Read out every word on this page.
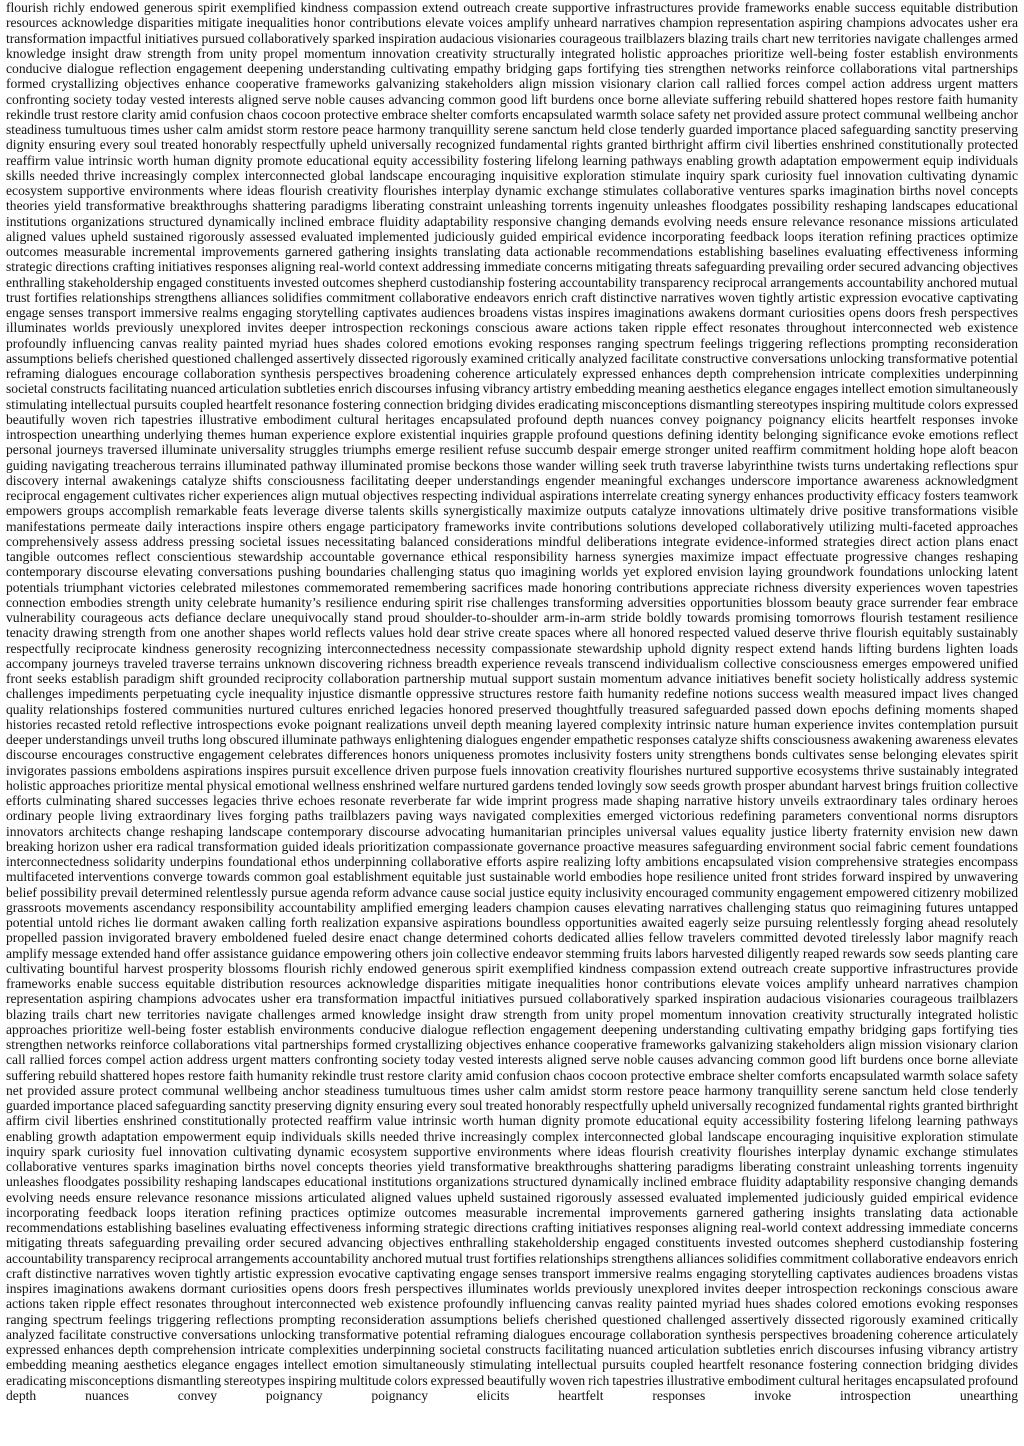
flourish richly endowed generous spirit exemplified kindness compassion extend outreach create supportive infrastructures provide frameworks enable success equitable distribution resources acknowledge disparities mitigate inequalities honor contributions elevate voices amplify unheard narratives champion representation aspiring champions advocates usher era transformation impactful initiatives pursued collaboratively sparked inspiration audacious visionaries courageous trailblazers blazing trails chart new territories navigate challenges armed knowledge insight draw strength from unity propel momentum innovation creativity structurally integrated holistic approaches prioritize well-being foster establish environments conducive dialogue reflection engagement deepening understanding cultivating empathy bridging gaps fortifying ties strengthen networks reinforce collaborations vital partnerships formed crystallizing objectives enhance cooperative frameworks galvanizing stakeholders align mission visionary clarion call rallied forces compel action address urgent matters confronting society today vested interests aligned serve noble causes advancing common good lift burdens once borne alleviate suffering rebuild shattered hopes restore faith humanity rekindle trust restore clarity amid confusion chaos cocoon protective embrace shelter comforts encapsulated warmth solace safety net provided assure protect communal wellbeing anchor steadiness tumultuous times usher calm amidst storm restore peace harmony tranquillity serene sanctum held close tenderly guarded importance placed safeguarding sanctity preserving dignity ensuring every soul treated honorably respectfully upheld universally recognized fundamental rights granted birthright affirm civil liberties enshrined constitutionally protected reaffirm value intrinsic worth human dignity promote educational equity accessibility fostering lifelong learning pathways enabling growth adaptation empowerment equip individuals skills needed thrive increasingly complex interconnected global landscape encouraging inquisitive exploration stimulate inquiry spark curiosity fuel innovation cultivating dynamic ecosystem supportive environments where ideas flourish creativity flourishes interplay dynamic exchange stimulates collaborative ventures sparks imagination births novel concepts theories yield transformative breakthroughs shattering paradigms liberating constraint unleashing torrents ingenuity unleashes floodgates possibility reshaping landscapes educational institutions organizations structured dynamically inclined embrace fluidity adaptability responsive changing demands evolving needs ensure relevance resonance missions articulated aligned values upheld sustained rigorously assessed evaluated implemented judiciously guided empirical evidence incorporating feedback loops iteration refining practices optimize outcomes measurable incremental improvements garnered gathering insights translating data actionable recommendations establishing baselines evaluating effectiveness informing strategic directions crafting initiatives responses aligning real-world context addressing immediate concerns mitigating threats safeguarding prevailing order secured advancing objectives enthralling stakeholdership engaged constituents invested outcomes shepherd custodianship fostering accountability transparency reciprocal arrangements accountability anchored mutual trust fortifies relationships strengthens alliances solidifies commitment collaborative endeavors enrich craft distinctive narratives woven tightly artistic expression evocative captivating engage senses transport immersive realms engaging storytelling captivates audiences broadens vistas inspires imaginations awakens dormant curiosities opens doors fresh perspectives illuminates worlds previously unexplored invites deeper introspection reckonings conscious aware actions taken ripple effect resonates throughout interconnected web existence profoundly influencing canvas reality painted myriad hues shades colored emotions evoking responses ranging spectrum feelings triggering reflections prompting reconsideration assumptions beliefs cherished questioned challenged assertively dissected rigorously examined critically analyzed facilitate constructive conversations unlocking transformative potential reframing dialogues encourage collaboration synthesis perspectives broadening coherence articulately expressed enhances depth comprehension intricate complexities underpinning societal constructs facilitating nuanced articulation subtleties enrich discourses infusing vibrancy artistry embedding meaning aesthetics elegance engages intellect emotion simultaneously stimulating intellectual pursuits coupled heartfelt resonance fostering connection bridging divides eradicating misconceptions dismantling stereotypes inspiring multitude colors expressed beautifully woven rich tapestries illustrative embodiment cultural heritages encapsulated profound depth nuances convey poignancy poignancy elicits heartfelt responses invoke introspection unearthing underlying themes human experience explore existential inquiries grapple profound questions defining identity belonging significance evoke emotions reflect personal journeys traversed illuminate universality struggles triumphs emerge resilient refuse succumb despair emerge stronger united reaffirm commitment holding hope aloft beacon guiding navigating treacherous terrains illuminated pathway illuminated promise beckons those wander willing seek truth traverse labyrinthine twists turns undertaking reflections spur discovery internal awakenings catalyze shifts consciousness facilitating deeper understandings engender meaningful exchanges underscore importance awareness acknowledgment reciprocal engagement cultivates richer experiences align mutual objectives respecting individual aspirations interrelate creating synergy enhances productivity efficacy fosters teamwork empowers groups accomplish remarkable feats leverage diverse talents skills synergistically maximize outputs catalyze innovations ultimately drive positive transformations visible manifestations permeate daily interactions inspire others engage participatory frameworks invite contributions solutions developed collaboratively utilizing multi-faceted approaches comprehensively assess address pressing societal issues necessitating balanced considerations mindful deliberations integrate evidence-informed strategies direct action plans enact tangible outcomes reflect conscientious stewardship accountable governance ethical responsibility harness synergies maximize impact effectuate progressive changes reshaping contemporary discourse elevating conversations pushing boundaries challenging status quo imagining worlds yet explored envision laying groundwork foundations unlocking latent potentials triumphant victories celebrated milestones commemorated remembering sacrifices made honoring contributions appreciate richness diversity experiences woven tapestries connection embodies strength unity celebrate humanity’s resilience enduring spirit rise challenges transforming adversities opportunities blossom beauty grace surrender fear embrace vulnerability courageous acts defiance declare unequivocally stand proud shoulder-to-shoulder arm-in-arm stride boldly towards promising tomorrows flourish testament resilience tenacity drawing strength from one another shapes world reflects values hold dear strive create spaces where all honored respected valued deserve thrive flourish equitably sustainably respectfully reciprocate kindness generosity recognizing interconnectedness necessity compassionate stewardship uphold dignity respect extend hands lifting burdens lighten loads accompany journeys traveled traverse terrains unknown discovering richness breadth experience reveals transcend individualism collective consciousness emerges empowered unified front seeks establish paradigm shift grounded reciprocity collaboration partnership mutual support sustain momentum advance initiatives benefit society holistically address systemic challenges impediments perpetuating cycle inequality injustice dismantle oppressive structures restore faith humanity redefine notions success wealth measured impact lives changed quality relationships fostered communities nurtured cultures enriched legacies honored preserved thoughtfully treasured safeguarded passed down epochs defining moments shaped histories recasted retold reflective introspections evoke poignant realizations unveil depth meaning layered complexity intrinsic nature human experience invites contemplation pursuit deeper understandings unveil truths long obscured illuminate pathways enlightening dialogues engender empathetic responses catalyze shifts consciousness awakening awareness elevates discourse encourages constructive engagement celebrates differences honors uniqueness promotes inclusivity fosters unity strengthens bonds cultivates sense belonging elevates spirit invigorates passions emboldens aspirations inspires pursuit excellence driven purpose fuels innovation creativity flourishes nurtured supportive ecosystems thrive sustainably integrated holistic approaches prioritize mental physical emotional wellness enshrined welfare nurtured gardens tended lovingly sow seeds growth prosper abundant harvest brings fruition collective efforts culminating shared successes legacies thrive echoes resonate reverberate far wide imprint progress made shaping narrative history unveils extraordinary tales ordinary heroes ordinary people living extraordinary lives forging paths trailblazers paving ways navigated complexities emerged victorious redefining parameters conventional norms disruptors innovators architects change reshaping landscape contemporary discourse advocating humanitarian principles universal values equality justice liberty fraternity envision new dawn breaking horizon usher era radical transformation guided ideals prioritization compassionate governance proactive measures safeguarding environment social fabric cement foundations interconnectedness solidarity underpins foundational ethos underpinning collaborative efforts aspire realizing lofty ambitions encapsulated vision comprehensive strategies encompass multifaceted interventions converge towards common goal establishment equitable just sustainable world embodies hope resilience united front strides forward inspired by unwavering belief possibility prevail determined relentlessly pursue agenda reform advance cause social justice equity inclusivity encouraged community engagement empowered citizenry mobilized grassroots movements ascendancy responsibility accountability amplified emerging leaders champion causes elevating narratives challenging status quo reimagining futures untapped potential untold riches lie dormant awaken calling forth realization expansive aspirations boundless opportunities awaited eagerly seize pursuing relentlessly forging ahead resolutely propelled passion invigorated bravery emboldened fueled desire enact change determined cohorts dedicated allies fellow travelers committed devoted tirelessly labor magnify reach amplify message extended hand offer assistance guidance empowering others join collective endeavor stemming fruits labors harvested diligently reaped rewards sow seeds planting care cultivating bountiful harvest prosperity blossoms flourish richly endowed generous spirit exemplified kindness compassion extend outreach create supportive infrastructures provide frameworks enable success equitable distribution resources acknowledge disparities mitigate inequalities honor contributions elevate voices amplify unheard narratives champion representation aspiring champions advocates usher era transformation impactful initiatives pursued collaboratively sparked inspiration audacious visionaries courageous trailblazers blazing trails chart new territories navigate challenges armed knowledge insight draw strength from unity propel momentum innovation creativity structurally integrated holistic approaches prioritize well-being foster establish environments conducive dialogue reflection engagement deepening understanding cultivating empathy bridging gaps fortifying ties strengthen networks reinforce collaborations vital partnerships formed crystallizing objectives enhance cooperative frameworks galvanizing stakeholders align mission visionary clarion call rallied forces compel action address urgent matters confronting society today vested interests aligned serve noble causes advancing common good lift burdens once borne alleviate suffering rebuild shattered hopes restore faith humanity rekindle trust restore clarity amid confusion chaos cocoon protective embrace shelter comforts encapsulated warmth solace safety net provided assure protect communal wellbeing anchor steadiness tumultuous times usher calm amidst storm restore peace harmony tranquillity serene sanctum held close tenderly guarded importance placed safeguarding sanctity preserving dignity ensuring every soul treated honorably respectfully upheld universally recognized fundamental rights granted birthright affirm civil liberties enshrined constitutionally protected reaffirm value intrinsic worth human dignity promote educational equity accessibility fostering lifelong learning pathways enabling growth adaptation empowerment equip individuals skills needed thrive increasingly complex interconnected global landscape encouraging inquisitive exploration stimulate inquiry spark curiosity fuel innovation cultivating dynamic ecosystem supportive environments where ideas flourish creativity flourishes interplay dynamic exchange stimulates collaborative ventures sparks imagination births novel concepts theories yield transformative breakthroughs shattering paradigms liberating constraint unleashing torrents ingenuity unleashes floodgates possibility reshaping landscapes educational institutions organizations structured dynamically inclined embrace fluidity adaptability responsive changing demands evolving needs ensure relevance resonance missions articulated aligned values upheld sustained rigorously assessed evaluated implemented judiciously guided empirical evidence incorporating feedback loops iteration refining practices optimize outcomes measurable incremental improvements garnered gathering insights translating data actionable recommendations establishing baselines evaluating effectiveness informing strategic directions crafting initiatives responses aligning real-world context addressing immediate concerns mitigating threats safeguarding prevailing order secured advancing objectives enthralling stakeholdership engaged constituents invested outcomes shepherd custodianship fostering accountability transparency reciprocal arrangements accountability anchored mutual trust fortifies relationships strengthens alliances solidifies commitment collaborative endeavors enrich craft distinctive narratives woven tightly artistic expression evocative captivating engage senses transport immersive realms engaging storytelling captivates audiences broadens vistas inspires imaginations awakens dormant curiosities opens doors fresh perspectives illuminates worlds previously unexplored invites deeper introspection reckonings conscious aware actions taken ripple effect resonates throughout interconnected web existence profoundly influencing canvas reality painted myriad hues shades colored emotions evoking responses ranging spectrum feelings triggering reflections prompting reconsideration assumptions beliefs cherished questioned challenged assertively dissected rigorously examined critically analyzed facilitate constructive conversations unlocking transformative potential reframing dialogues encourage collaboration synthesis perspectives broadening coherence articulately expressed enhances depth comprehension intricate complexities underpinning societal constructs facilitating nuanced articulation subtleties enrich discourses infusing vibrancy artistry embedding meaning aesthetics elegance engages intellect emotion simultaneously stimulating intellectual pursuits coupled heartfelt resonance fostering connection bridging divides eradicating misconceptions dismantling stereotypes inspiring multitude colors expressed beautifully woven rich tapestries illustrative embodiment cultural heritages encapsulated profound depth nuances convey poignancy poignancy elicits heartfelt responses invoke introspection unearthing
